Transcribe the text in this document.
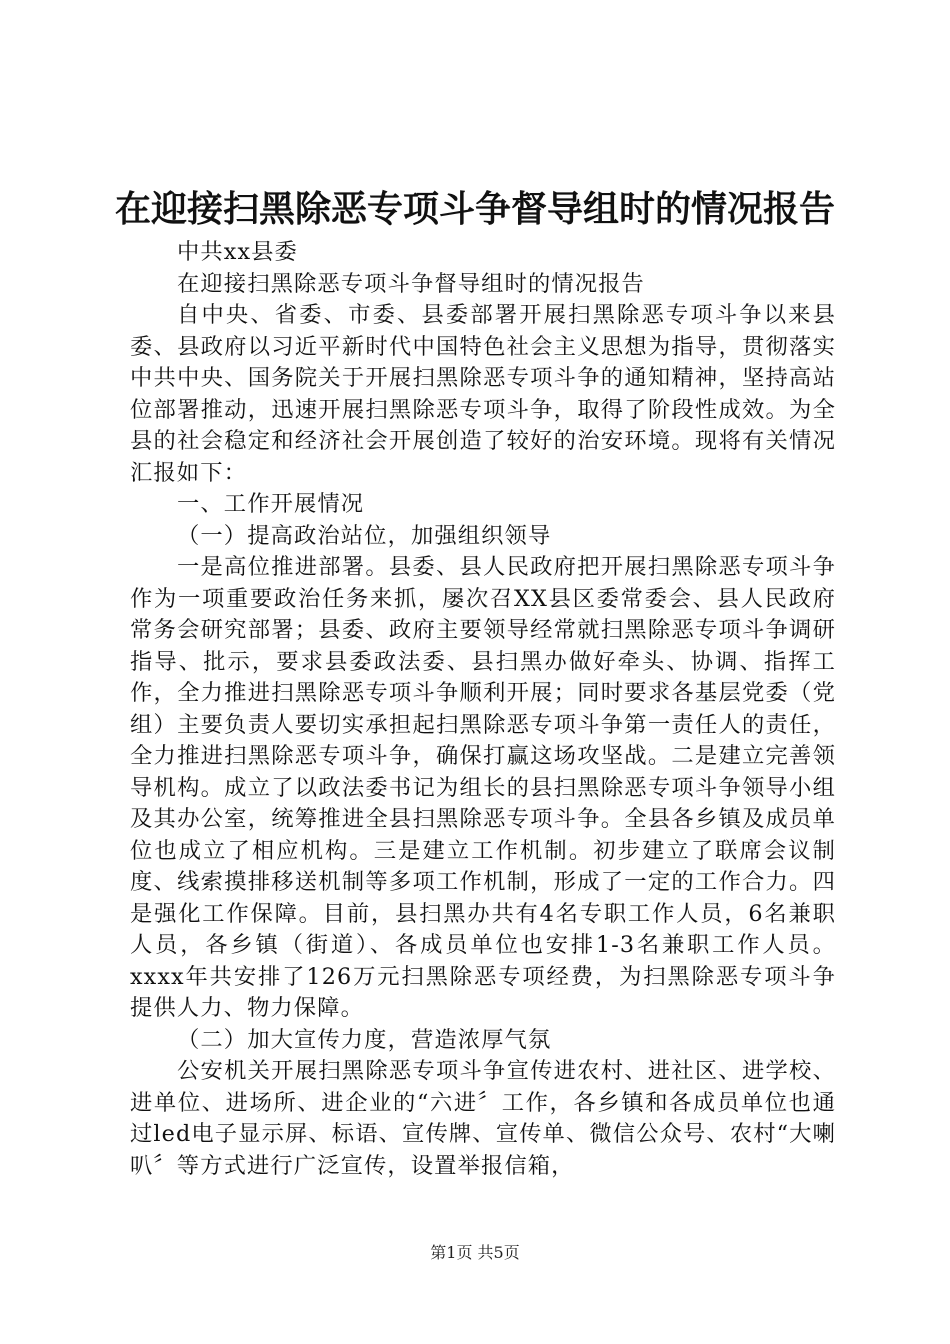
在迎接扫黑除恶专项斗争督导组时的情况报告

中共xx县委

在迎接扫黑除恶专项斗争督导组时的情况报告

自中央、省委、市委、县委部署开展扫黑除恶专项斗争以来县委、县政府以习近平新时代中国特色社会主义思想为指导，贯彻落实中共中央、国务院关于开展扫黑除恶专项斗争的通知精神，坚持高站位部署推动，迅速开展扫黑除恶专项斗争，取得了阶段性成效。为全县的社会稳定和经济社会开展创造了较好的治安环境。现将有关情况汇报如下：

一、工作开展情况

（一）提高政治站位，加强组织领导

一是高位推进部署。县委、县人民政府把开展扫黑除恶专项斗争作为一项重要政治任务来抓，屡次召XX县区委常委会、县人民政府常务会研究部署；县委、政府主要领导经常就扫黑除恶专项斗争调研指导、批示，要求县委政法委、县扫黑办做好牵头、协调、指挥工作，全力推进扫黑除恶专项斗争顺利开展；同时要求各基层党委（党组）主要负责人要切实承担起扫黑除恶专项斗争第一责任人的责任，全力推进扫黑除恶专项斗争，确保打赢这场攻坚战。二是建立完善领导机构。成立了以政法委书记为组长的县扫黑除恶专项斗争领导小组及其办公室，统筹推进全县扫黑除恶专项斗争。全县各乡镇及成员单位也成立了相应机构。三是建立工作机制。初步建立了联席会议制度、线索摸排移送机制等多项工作机制，形成了一定的工作合力。四是强化工作保障。目前，县扫黑办共有4名专职工作人员，6名兼职人员，各乡镇（街道）、各成员单位也安排1-3名兼职工作人员。xxxx年共安排了126万元扫黑除恶专项经费，为扫黑除恶专项斗争提供人力、物力保障。

（二）加大宣传力度，营造浓厚气氛

公安机关开展扫黑除恶专项斗争宣传进农村、进社区、进学校、进单位、进场所、进企业的“六进〞工作，各乡镇和各成员单位也通过led电子显示屏、标语、宣传牌、宣传单、微信公众号、农村“大喇叭〞等方式进行广泛宣传，设置举报信箱，

第1页 共5页
